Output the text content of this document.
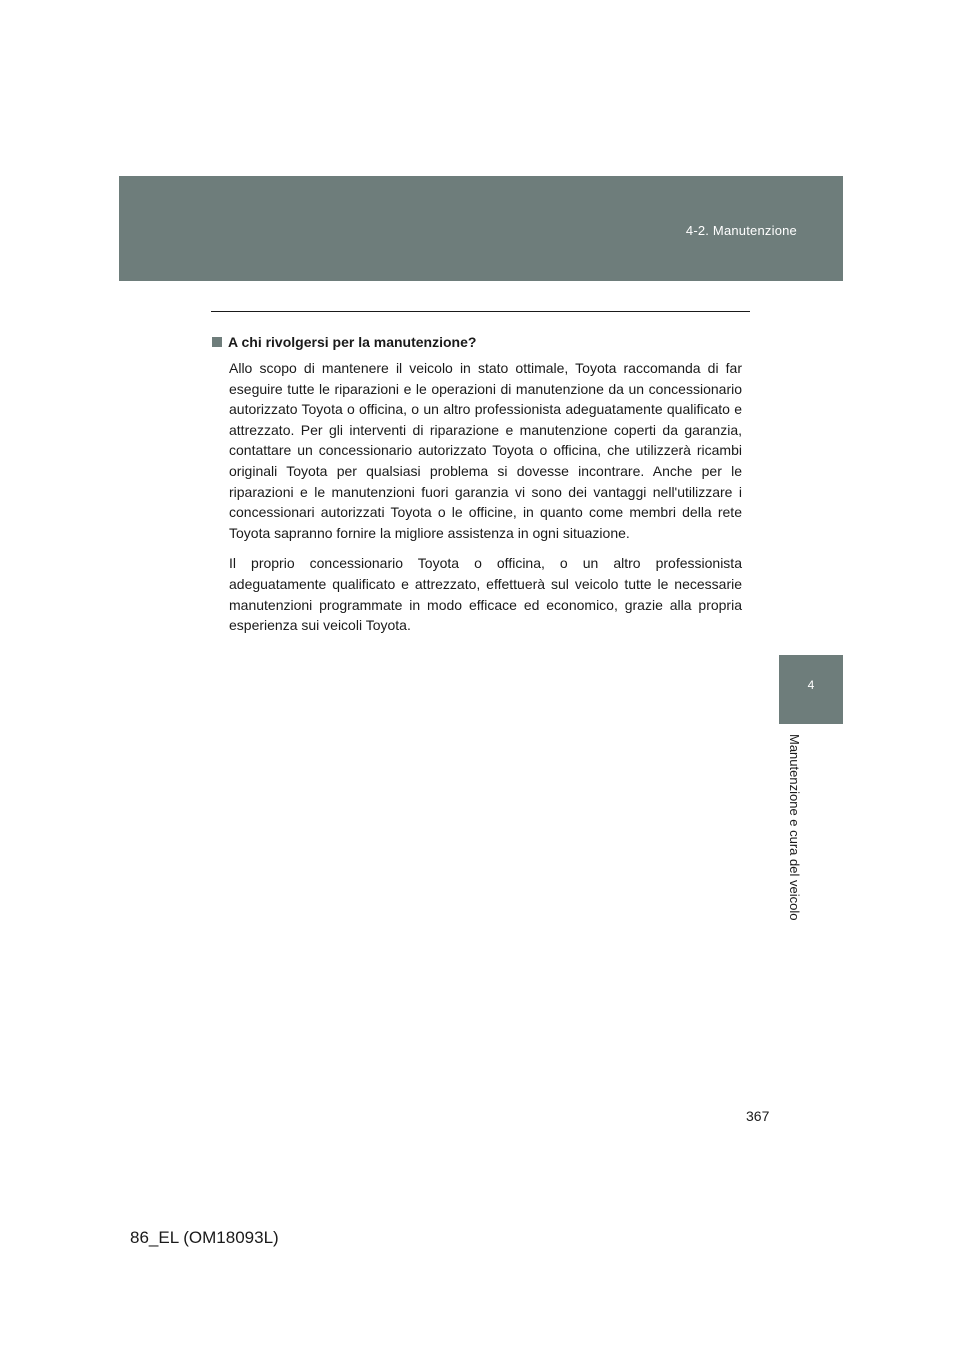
4-2. Manutenzione
4
Manutenzione e cura del veicolo
A chi rivolgersi per la manutenzione?

Allo scopo di mantenere il veicolo in stato ottimale, Toyota raccomanda di far eseguire tutte le riparazioni e le operazioni di manutenzione da un concessionario autorizzato Toyota o officina, o un altro professionista adeguatamente qualificato e attrezzato. Per gli interventi di riparazione e manutenzione coperti da garanzia, contattare un concessionario autorizzato Toyota o officina, che utilizzerà ricambi originali Toyota per qualsiasi problema si dovesse incontrare. Anche per le riparazioni e le manutenzioni fuori garanzia vi sono dei vantaggi nell'utilizzare i concessionari autorizzati Toyota o le officine, in quanto come membri della rete Toyota sapranno fornire la migliore assistenza in ogni situazione.

Il proprio concessionario Toyota o officina, o un altro professionista adeguatamente qualificato e attrezzato, effettuerà sul veicolo tutte le necessarie manutenzioni programmate in modo efficace ed economico, grazie alla propria esperienza sui veicoli Toyota.

367
86_EL (OM18093L)
